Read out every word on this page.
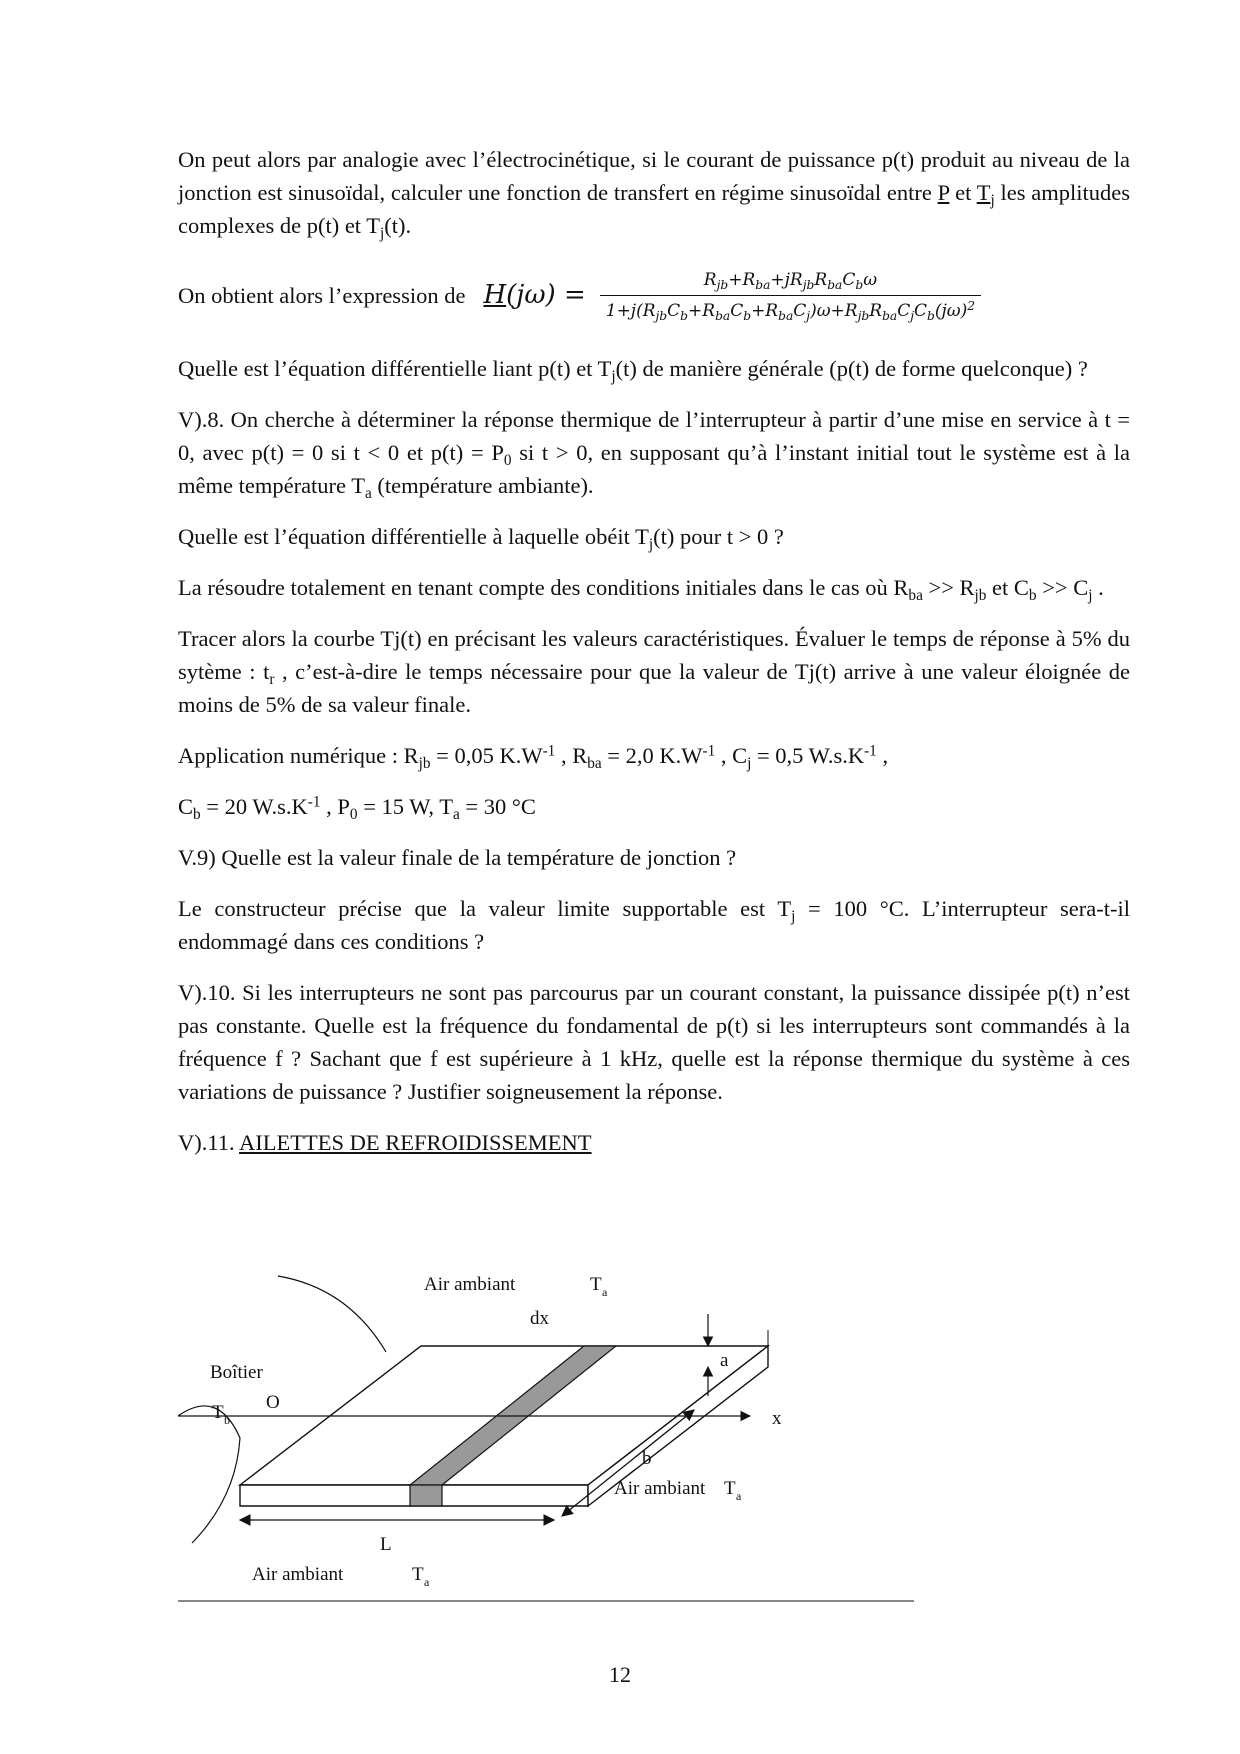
On peut alors par analogie avec l’électrocinétique, si le courant de puissance p(t) produit au niveau de la jonction est sinusoïdal, calculer une fonction de transfert en régime sinusoïdal entre P et $T_j$ les amplitudes complexes de p(t) et $T_j(t)$.

On obtient alors l’expression de $H(j\omega) = \frac{R_{jb}+R_{ba}+jR_{jb}R_{ba}C_b\omega}{1+j(R_{jb}C_b+R_{ba}C_b+R_{ba}C_j)\omega+R_{jb}R_{ba}C_jC_b(j\omega)^2}$

Quelle est l’équation différentielle liant p(t) et $T_j(t)$ de manière générale (p(t) de forme quelconque) ?

V).8. On cherche à déterminer la réponse thermique de l’interrupteur à partir d’une mise en service à t = 0, avec p(t) = 0 si t < 0 et $p(t) = P_0$ si t > 0, en supposant qu’à l’instant initial tout le système est à la même température $T_a$ (température ambiante).

Quelle est l’équation différentielle à laquelle obéit $T_j(t)$ pour t > 0 ?

La résoudre totalement en tenant compte des conditions initiales dans le cas où $R_{ba} >> R_{jb}$ et $C_b >> C_j$ .

Tracer alors la courbe Tj(t) en précisant les valeurs caractéristiques. Évaluer le temps de réponse à 5% du sytème : $t_r$ , c’est-à-dire le temps nécessaire pour que la valeur de Tj(t) arrive à une valeur éloignée de moins de 5% de sa valeur finale.

Application numérique : $R_{jb} = 0,05$ $K.W^{-1}$ , $R_{ba} = 2,0$ $K.W^{-1}$ , $C_j = 0,5$ $W.s.K^{-1}$ ,

$C_b = 20$ $W.s.K^{-1}$ , $P_0 = 15$ W, $T_a = 30$ °C

V.9) Quelle est la valeur finale de la température de jonction ?

Le constructeur précise que la valeur limite supportable est $T_j = 100$ °C. L’interrupteur sera-t-il endommagé dans ces conditions ?

V).10. Si les interrupteurs ne sont pas parcourus par un courant constant, la puissance dissipée p(t) n’est pas constante. Quelle est la fréquence du fondamental de p(t) si les interrupteurs sont commandés à la fréquence f ? Sachant que f est supérieure à 1 kHz, quelle est la réponse thermique du système à ces variations de puissance ? Justifier soigneusement la réponse.

V).11. AILETTES DE REFROIDISSEMENT

Air ambiant	T a
dx
a
Boîtier
O
T b	x
b
Air ambiant T a
L
Air ambiant	T a
12
